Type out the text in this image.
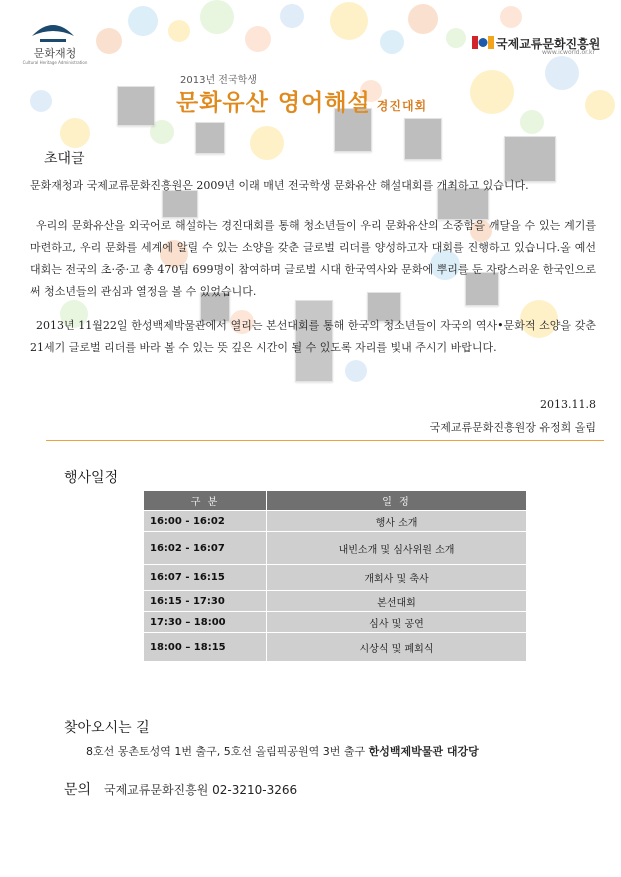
문화재청
Cultural Heritage Administration
국제교류문화진흥원
www.icworld.or.kr
2013년 전국학생
문화유산 영어해설 경진대회
초대글
문화재청과 국제교류문화진흥원은 2009년 이래 매년 전국학생 문화유산 해설대회를 개최하고 있습니다.
우리의 문화유산을 외국어로 해설하는 경진대회를 통해 청소년들이 우리 문화유산의 소중함을 깨달을 수 있는 계기를 마련하고, 우리 문화를 세계에 알릴 수 있는 소양을 갖춘 글로벌 리더를 양성하고자 대회를 진행하고 있습니다.올 예선 대회는 전국의 초·중·고 총 470팀 699명이 참여하며 글로벌 시대 한국역사와 문화에 뿌리를 둔 자랑스러운 한국인으로써 청소년들의 관심과 열정을 볼 수 있었습니다.
2013년 11월22일 한성백제박물관에서 열리는 본선대회를 통해 한국의 청소년들이 자국의 역사•문화적 소양을 갖춘 21세기 글로벌 리더를 바라 볼 수 있는 뜻 깊은 시간이 될 수 있도록 자리를 빛내 주시기 바랍니다.
2013.11.8
국제교류문화진흥원장 유정희 올림
행사일정
구 분	일 정
16:00 - 16:02	행사 소개
16:02 - 16:07	내빈소개 및 심사위원 소개
16:07 - 16:15	개회사 및 축사
16:15 - 17:30	본선대회
17:30 – 18:00	심사 및 공연
18:00 – 18:15	시상식 및 폐회식
찾아오시는 길
8호선 몽촌토성역 1번 출구, 5호선 올림픽공원역 3번 출구 한성백제박물관 대강당
문의 국제교류문화진흥원 02-3210-3266
